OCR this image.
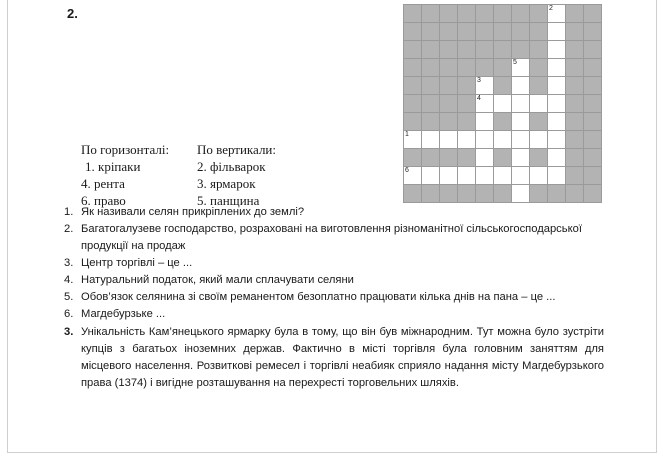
2.	2
5
3
4
1
6
По горизонталі:
1. кріпаки
4. рента
6. право
По вертикали:
2. фільварок
3. ярмарок
5. панщина
1. Як називали селян прикріплених до землі?
2. Багатогалузеве господарство, розраховані на виготовлення різноманітної сільськогосподарської продукції на продаж
3. Центр торгівлі – це ...
4. Натуральний податок, який мали сплачувати селяни
5. Обов’язок селянина зі своїм реманентом безоплатно працювати кілька днів на пана – це ...
6. Магдебурзьке ...
3. Унікальність Кам’янецького ярмарку була в тому, що він був міжнародним. Тут можна було зустріти купців з багатьох іноземних держав. Фактично в місті торгівля була головним заняттям для місцевого населення. Розвиткові ремесел і торгівлі неабияк сприяло надання місту Магдебурзького права (1374) і вигідне розташування на перехресті торговельних шляхів.
